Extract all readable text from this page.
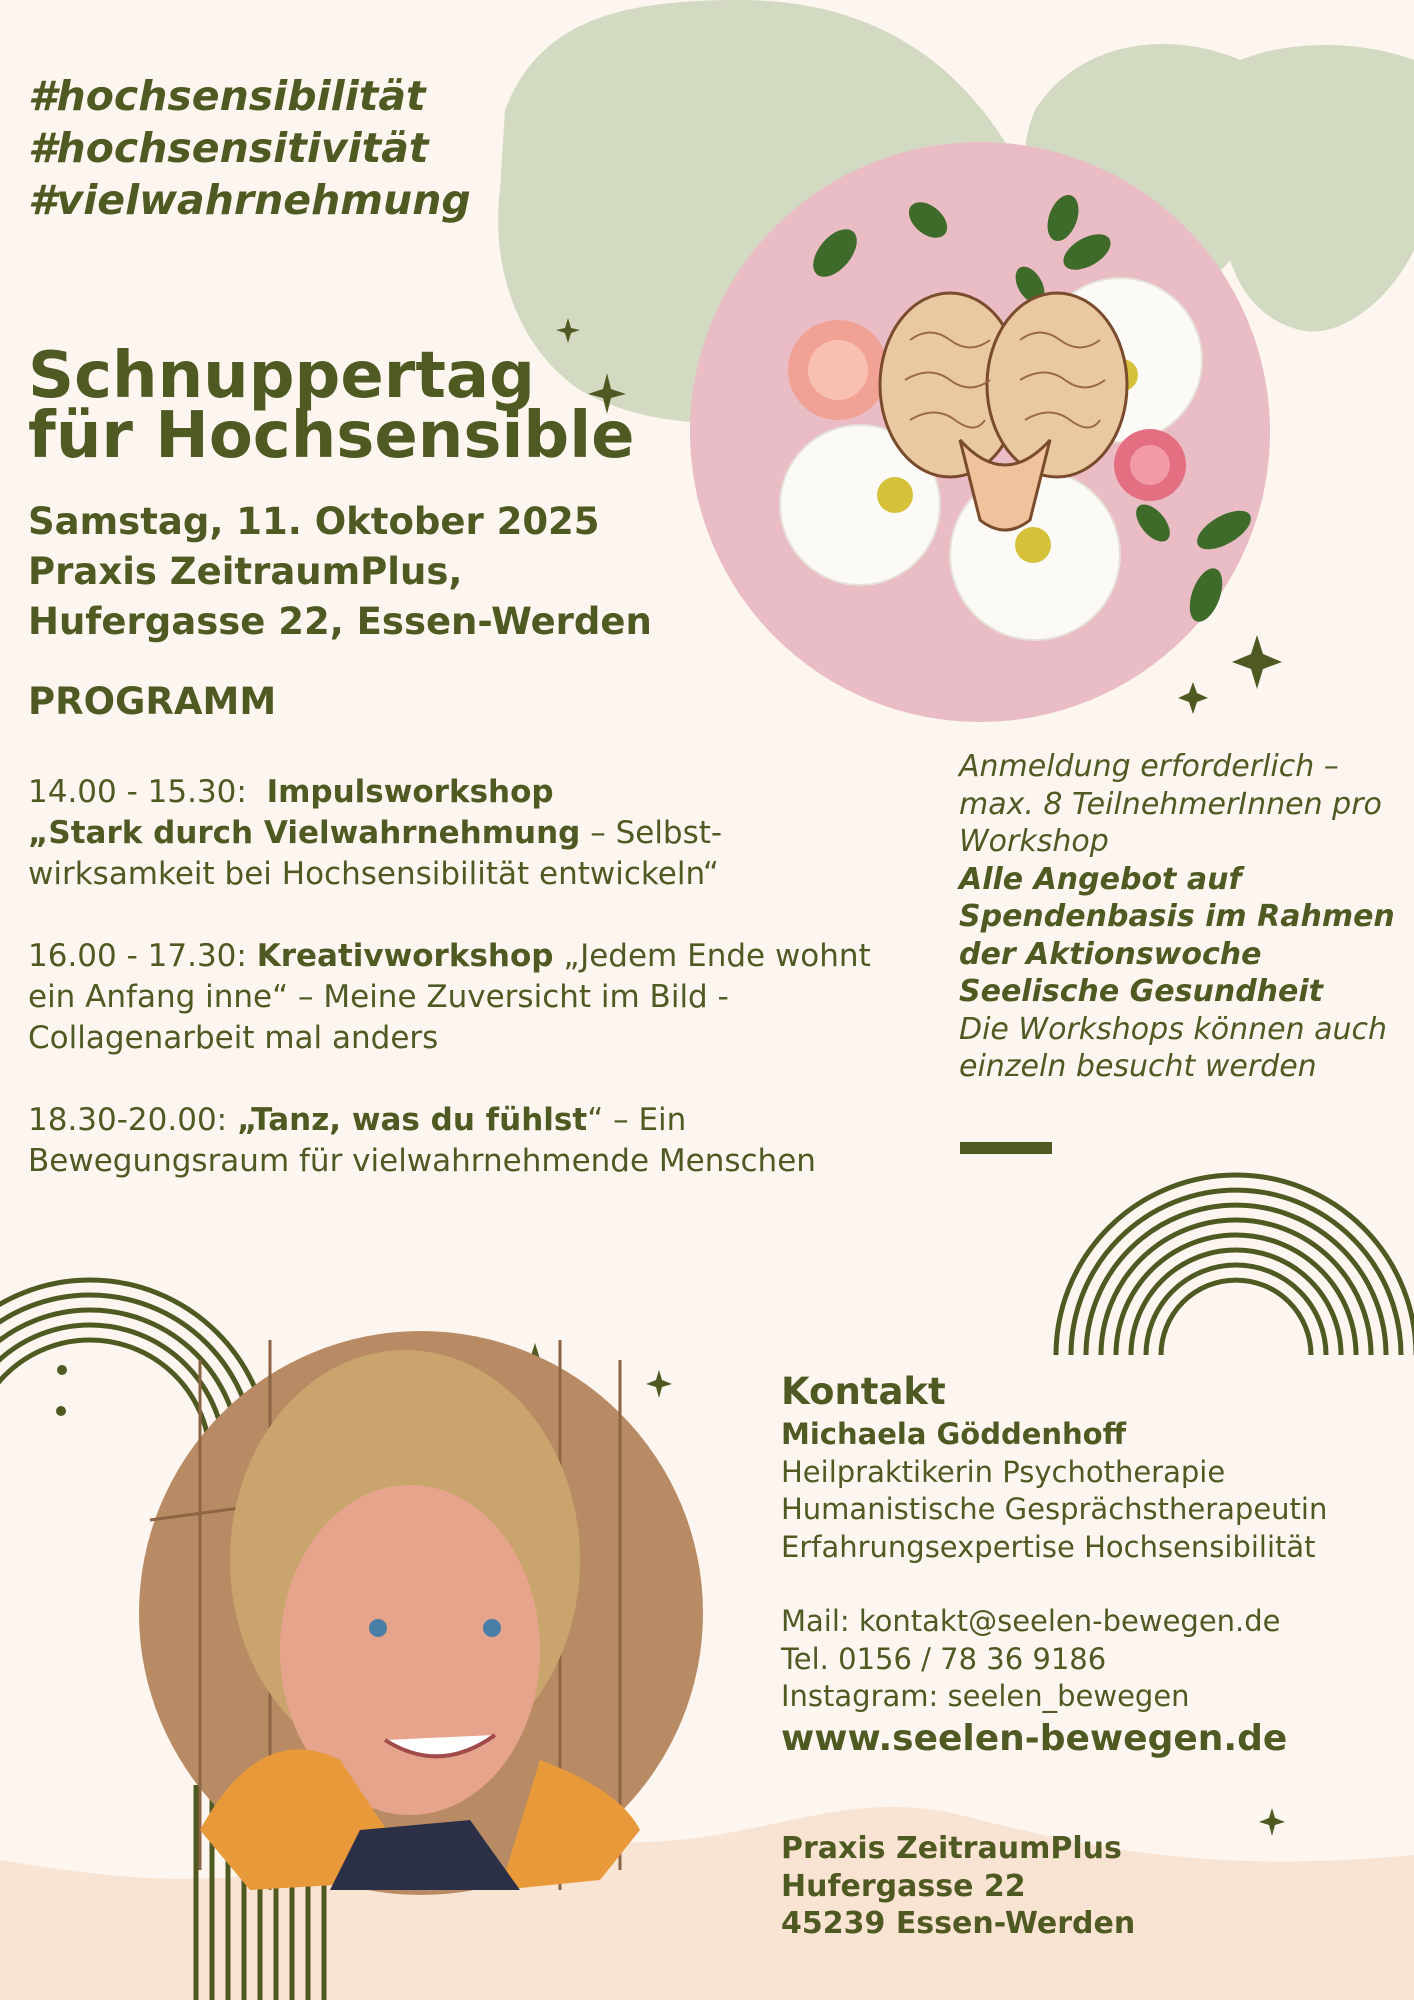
#hochsensibilität
#hochsensitivität
#vielwahrnehmung
Schnuppertag
für Hochsensible
Samstag, 11. Oktober 2025
Praxis ZeitraumPlus,
Hufergasse 22, Essen-Werden
PROGRAMM
14.00 - 15.30: Impulsworkshop
„Stark durch Vielwahrnehmung – Selbst-wirksamkeit bei Hochsensibilität entwickeln“
16.00 - 17.30: Kreativworkshop „Jedem Ende wohnt ein Anfang inne“ – Meine Zuversicht im Bild - Collagenarbeit mal anders
18.30-20.00: „Tanz, was du fühlst“ – Ein Bewegungsraum für vielwahrnehmende Menschen
Anmeldung erforderlich – max. 8 TeilnehmerInnen pro Workshop
Alle Angebot auf Spendenbasis im Rahmen der Aktionswoche Seelische Gesundheit
Die Workshops können auch einzeln besucht werden
Kontakt
Michaela Göddenhoff
Heilpraktikerin Psychotherapie
Humanistische Gesprächstherapeutin
Erfahrungsexpertise Hochsensibilität
Mail: kontakt@seelen-bewegen.de
Tel. 0156 / 78 36 9186
Instagram: seelen_bewegen
www.seelen-bewegen.de
Praxis ZeitraumPlus
Hufergasse 22
45239 Essen-Werden
